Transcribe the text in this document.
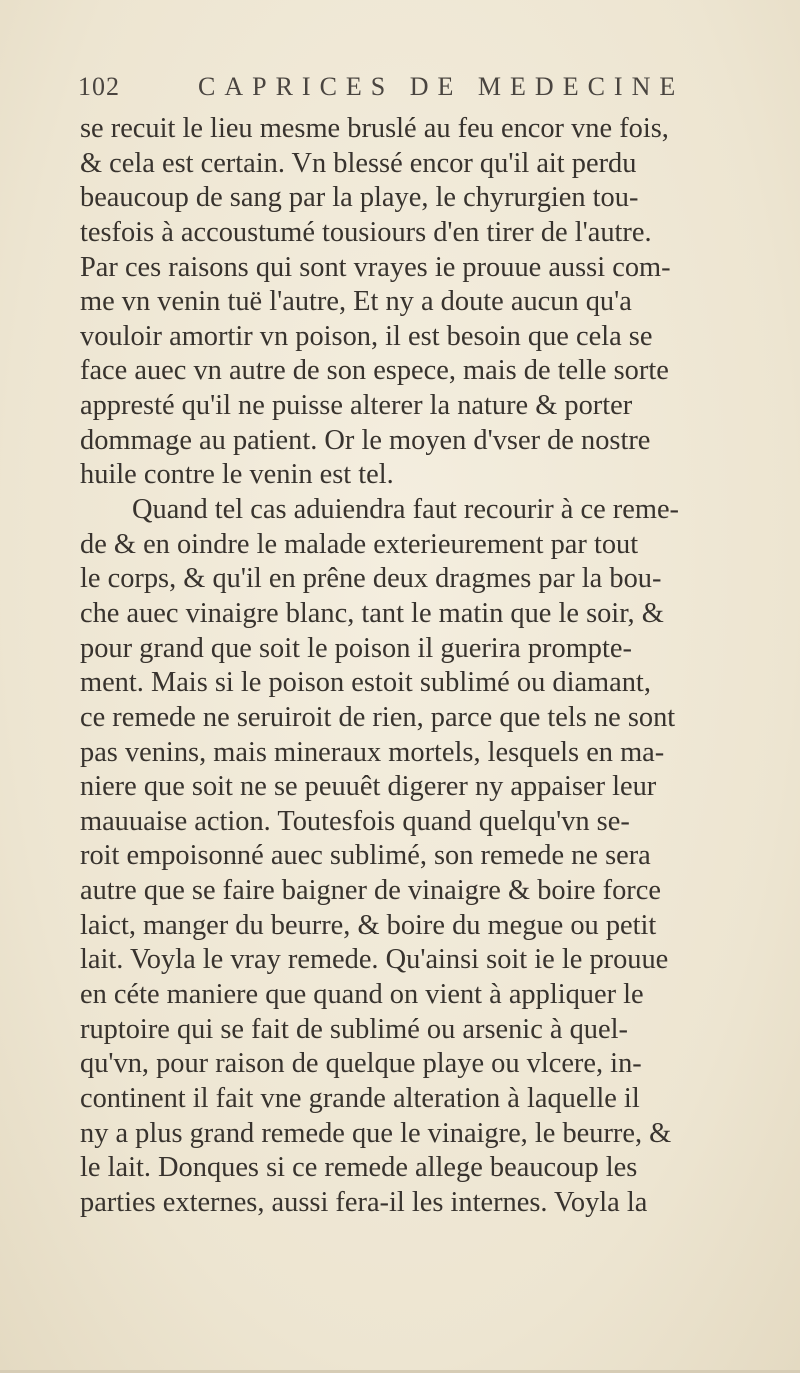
102	CAPRICES DE MEDECINE
se recuit le lieu mesme bruslé au feu encor vne fois,
& cela est certain. Vn blessé encor qu'il ait perdu
beaucoup de sang par la playe, le chyrurgien tou-
tesfois à accoustumé tousiours d'en tirer de l'autre.
Par ces raisons qui sont vrayes ie prouue aussi com-
me vn venin tuë l'autre, Et ny a doute aucun qu'a
vouloir amortir vn poison, il est besoin que cela se
face auec vn autre de son espece, mais de telle sorte
appresté qu'il ne puisse alterer la nature & porter
dommage au patient. Or le moyen d'vser de nostre
huile contre le venin est tel.
Quand tel cas aduiendra faut recourir à ce reme-
de & en oindre le malade exterieurement par tout
le corps, & qu'il en prêne deux dragmes par la bou-
che auec vinaigre blanc, tant le matin que le soir, &
pour grand que soit le poison il guerira prompte-
ment. Mais si le poison estoit sublimé ou diamant,
ce remede ne seruiroit de rien, parce que tels ne sont
pas venins, mais mineraux mortels, lesquels en ma-
niere que soit ne se peuuêt digerer ny appaiser leur
mauuaise action. Toutesfois quand quelqu'vn se-
roit empoisonné auec sublimé, son remede ne sera
autre que se faire baigner de vinaigre & boire force
laict, manger du beurre, & boire du megue ou petit
lait. Voyla le vray remede. Qu'ainsi soit ie le prouue
en céte maniere que quand on vient à appliquer le
ruptoire qui se fait de sublimé ou arsenic à quel-
qu'vn, pour raison de quelque playe ou vlcere, in-
continent il fait vne grande alteration à laquelle il
ny a plus grand remede que le vinaigre, le beurre, &
le lait. Donques si ce remede allege beaucoup les
parties externes, aussi fera-il les internes. Voyla la
